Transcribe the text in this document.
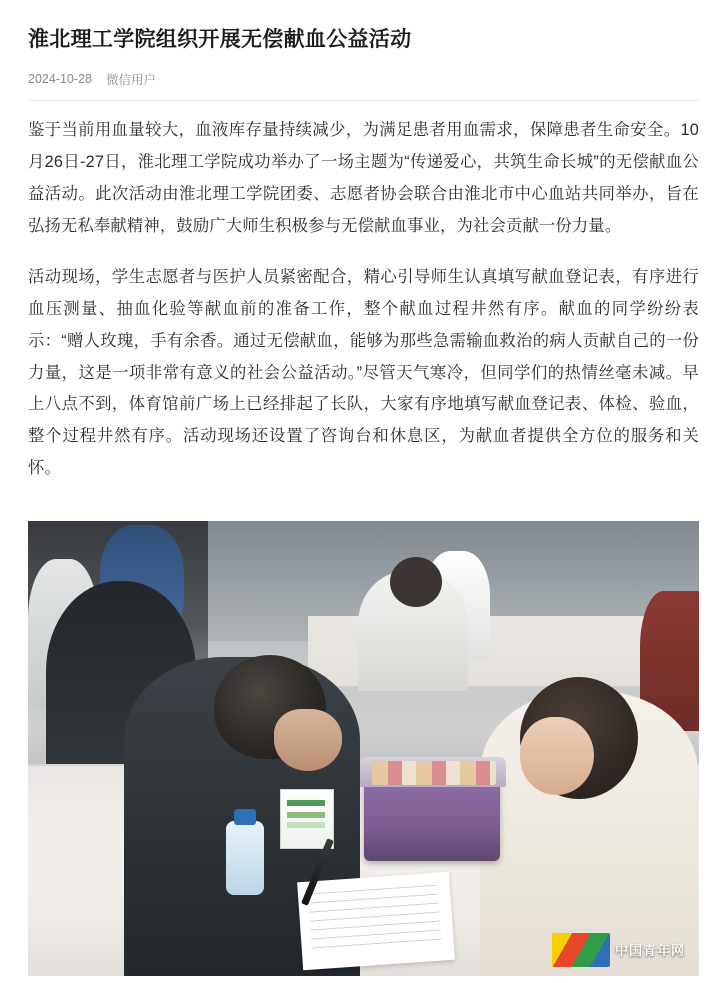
淮北理工学院组织开展无偿献血公益活动
2024-10-28 微信用户

鉴于当前用血量较大，血液库存量持续减少，为满足患者用血需求，保障患者生命安全。10月26日-27日，淮北理工学院成功举办了一场主题为“传递爱心，共筑生命长城”的无偿献血公益活动。此次活动由淮北理工学院团委、志愿者协会联合由淮北市中心血站共同举办，旨在弘扬无私奉献精神，鼓励广大师生积极参与无偿献血事业，为社会贡献一份力量。

活动现场，学生志愿者与医护人员紧密配合，精心引导师生认真填写献血登记表，有序进行血压测量、抽血化验等献血前的准备工作，整个献血过程井然有序。献血的同学纷纷表示：“赠人玫瑰，手有余香。通过无偿献血，能够为那些急需输血救治的病人贡献自己的一份力量，这是一项非常有意义的社会公益活动。”尽管天气寒冷，但同学们的热情丝毫未减。早上八点不到，体育馆前广场上已经排起了长队，大家有序地填写献血登记表、体检、验血，整个过程井然有序。活动现场还设置了咨询台和休息区，为献血者提供全方位的服务和关怀。

中国青年网
